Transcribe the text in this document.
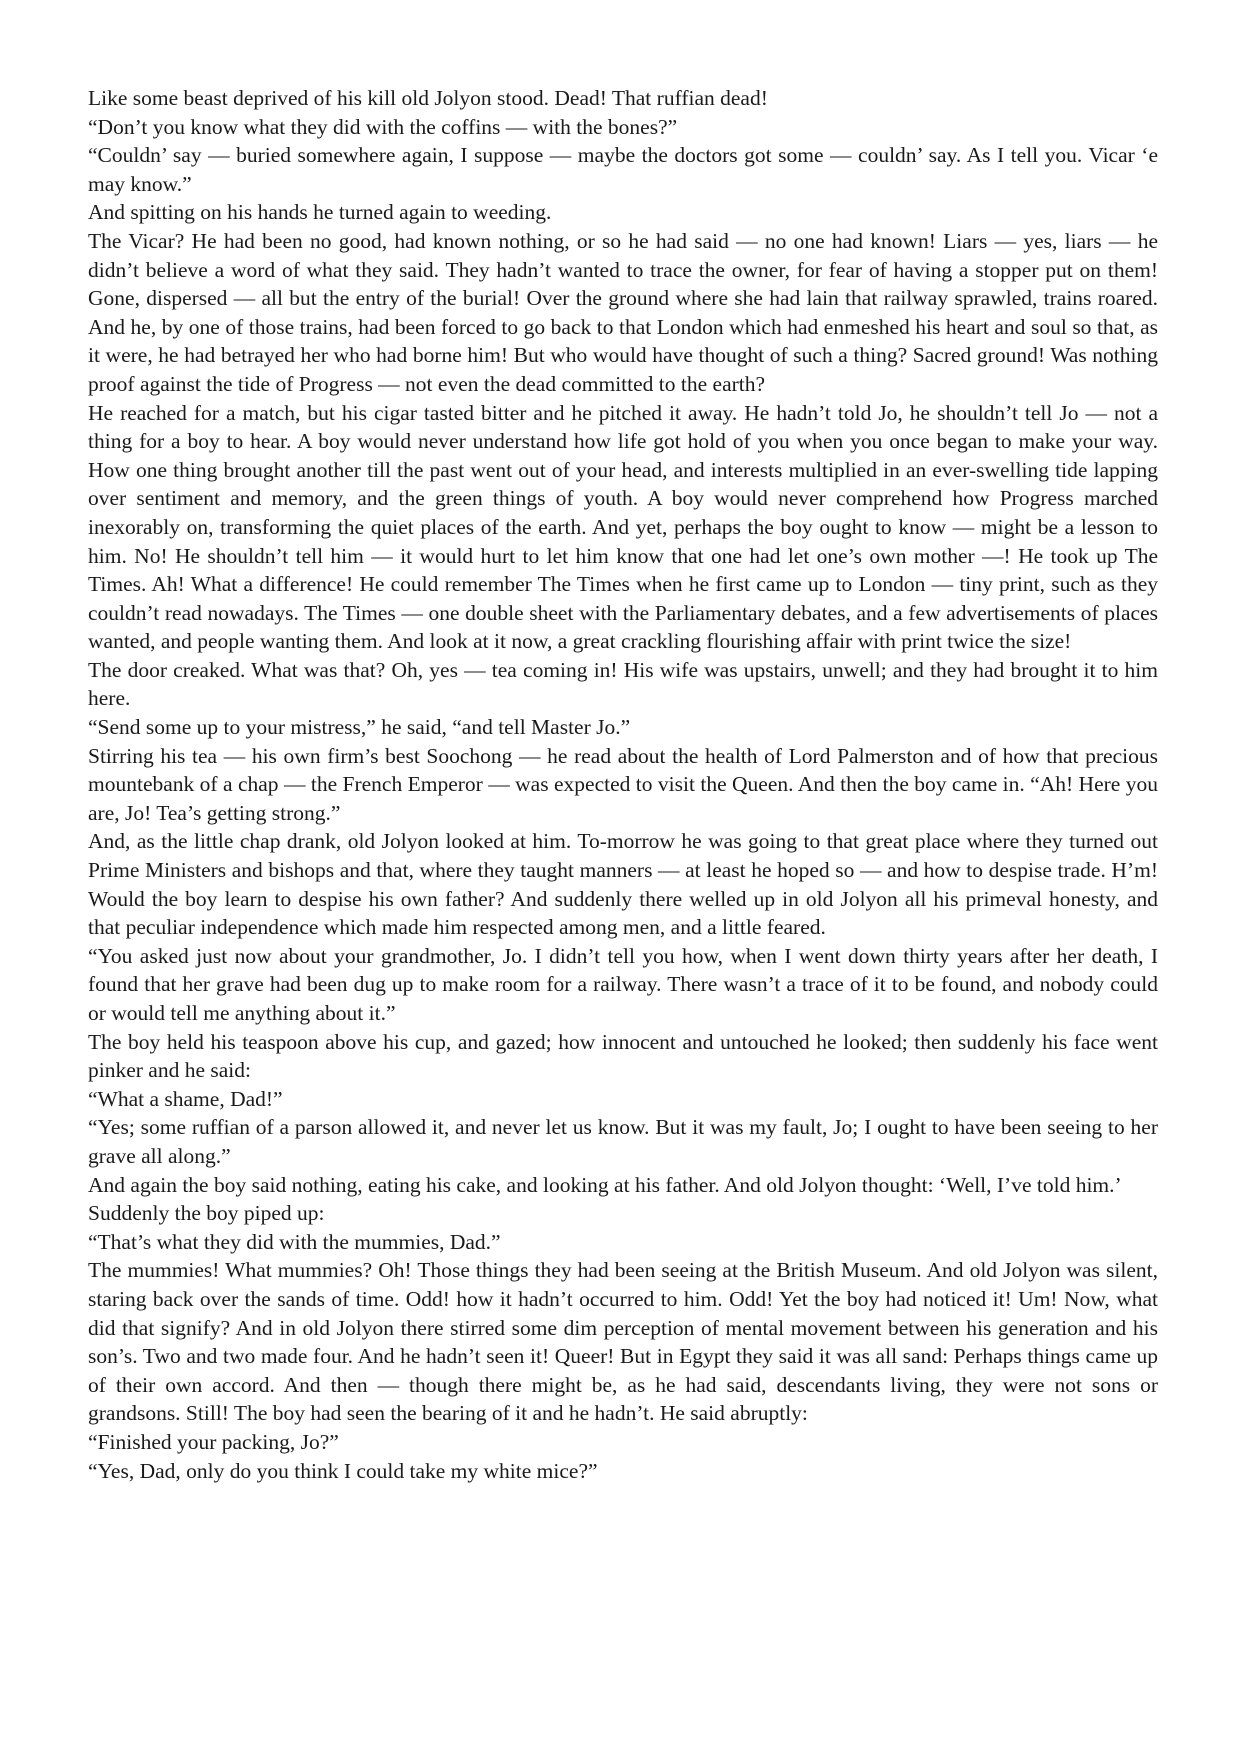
Like some beast deprived of his kill old Jolyon stood. Dead! That ruffian dead!

“Don’t you know what they did with the coffins — with the bones?”

“Couldn’ say — buried somewhere again, I suppose — maybe the doctors got some — couldn’ say. As I tell you. Vicar ‘e may know.”

And spitting on his hands he turned again to weeding.

The Vicar? He had been no good, had known nothing, or so he had said — no one had known! Liars — yes, liars — he didn’t believe a word of what they said. They hadn’t wanted to trace the owner, for fear of having a stopper put on them! Gone, dispersed — all but the entry of the burial! Over the ground where she had lain that railway sprawled, trains roared. And he, by one of those trains, had been forced to go back to that London which had enmeshed his heart and soul so that, as it were, he had betrayed her who had borne him! But who would have thought of such a thing? Sacred ground! Was nothing proof against the tide of Progress — not even the dead committed to the earth?

He reached for a match, but his cigar tasted bitter and he pitched it away. He hadn’t told Jo, he shouldn’t tell Jo — not a thing for a boy to hear. A boy would never understand how life got hold of you when you once began to make your way. How one thing brought another till the past went out of your head, and interests multiplied in an ever-swelling tide lapping over sentiment and memory, and the green things of youth. A boy would never comprehend how Progress marched inexorably on, transforming the quiet places of the earth. And yet, perhaps the boy ought to know — might be a lesson to him. No! He shouldn’t tell him — it would hurt to let him know that one had let one’s own mother —! He took up The Times. Ah! What a difference! He could remember The Times when he first came up to London — tiny print, such as they couldn’t read nowadays. The Times — one double sheet with the Parliamentary debates, and a few advertisements of places wanted, and people wanting them. And look at it now, a great crackling flourishing affair with print twice the size!

The door creaked. What was that? Oh, yes — tea coming in! His wife was upstairs, unwell; and they had brought it to him here.

“Send some up to your mistress,” he said, “and tell Master Jo.”

Stirring his tea — his own firm’s best Soochong — he read about the health of Lord Palmerston and of how that precious mountebank of a chap — the French Emperor — was expected to visit the Queen. And then the boy came in. “Ah! Here you are, Jo! Tea’s getting strong.”

And, as the little chap drank, old Jolyon looked at him. To-morrow he was going to that great place where they turned out Prime Ministers and bishops and that, where they taught manners — at least he hoped so — and how to despise trade. H’m! Would the boy learn to despise his own father? And suddenly there welled up in old Jolyon all his primeval honesty, and that peculiar independence which made him respected among men, and a little feared.

“You asked just now about your grandmother, Jo. I didn’t tell you how, when I went down thirty years after her death, I found that her grave had been dug up to make room for a railway. There wasn’t a trace of it to be found, and nobody could or would tell me anything about it.”

The boy held his teaspoon above his cup, and gazed; how innocent and untouched he looked; then suddenly his face went pinker and he said:

“What a shame, Dad!”

“Yes; some ruffian of a parson allowed it, and never let us know. But it was my fault, Jo; I ought to have been seeing to her grave all along.”

And again the boy said nothing, eating his cake, and looking at his father. And old Jolyon thought: ‘Well, I’ve told him.’

Suddenly the boy piped up:

“That’s what they did with the mummies, Dad.”

The mummies! What mummies? Oh! Those things they had been seeing at the British Museum. And old Jolyon was silent, staring back over the sands of time. Odd! how it hadn’t occurred to him. Odd! Yet the boy had noticed it! Um! Now, what did that signify? And in old Jolyon there stirred some dim perception of mental movement between his generation and his son’s. Two and two made four. And he hadn’t seen it! Queer! But in Egypt they said it was all sand: Perhaps things came up of their own accord. And then — though there might be, as he had said, descendants living, they were not sons or grandsons. Still! The boy had seen the bearing of it and he hadn’t. He said abruptly:

“Finished your packing, Jo?”

“Yes, Dad, only do you think I could take my white mice?”
